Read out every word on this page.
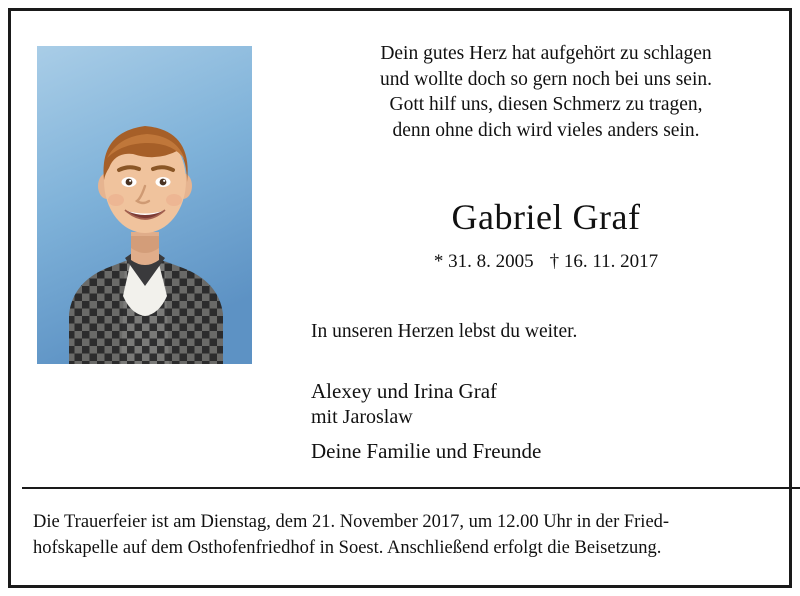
Dein gutes Herz hat aufgehört zu schlagen
und wollte doch so gern noch bei uns sein.
Gott hilf uns, diesen Schmerz zu tragen,
denn ohne dich wird vieles anders sein.
Gabriel Graf
* 31. 8. 2005 † 16. 11. 2017
In unseren Herzen lebst du weiter.
Alexey und Irina Graf
mit Jaroslaw
Deine Familie und Freunde
Die Trauerfeier ist am Dienstag, dem 21. November 2017, um 12.00 Uhr in der Fried-
hofskapelle auf dem Osthofenfriedhof in Soest. Anschließend erfolgt die Beisetzung.
